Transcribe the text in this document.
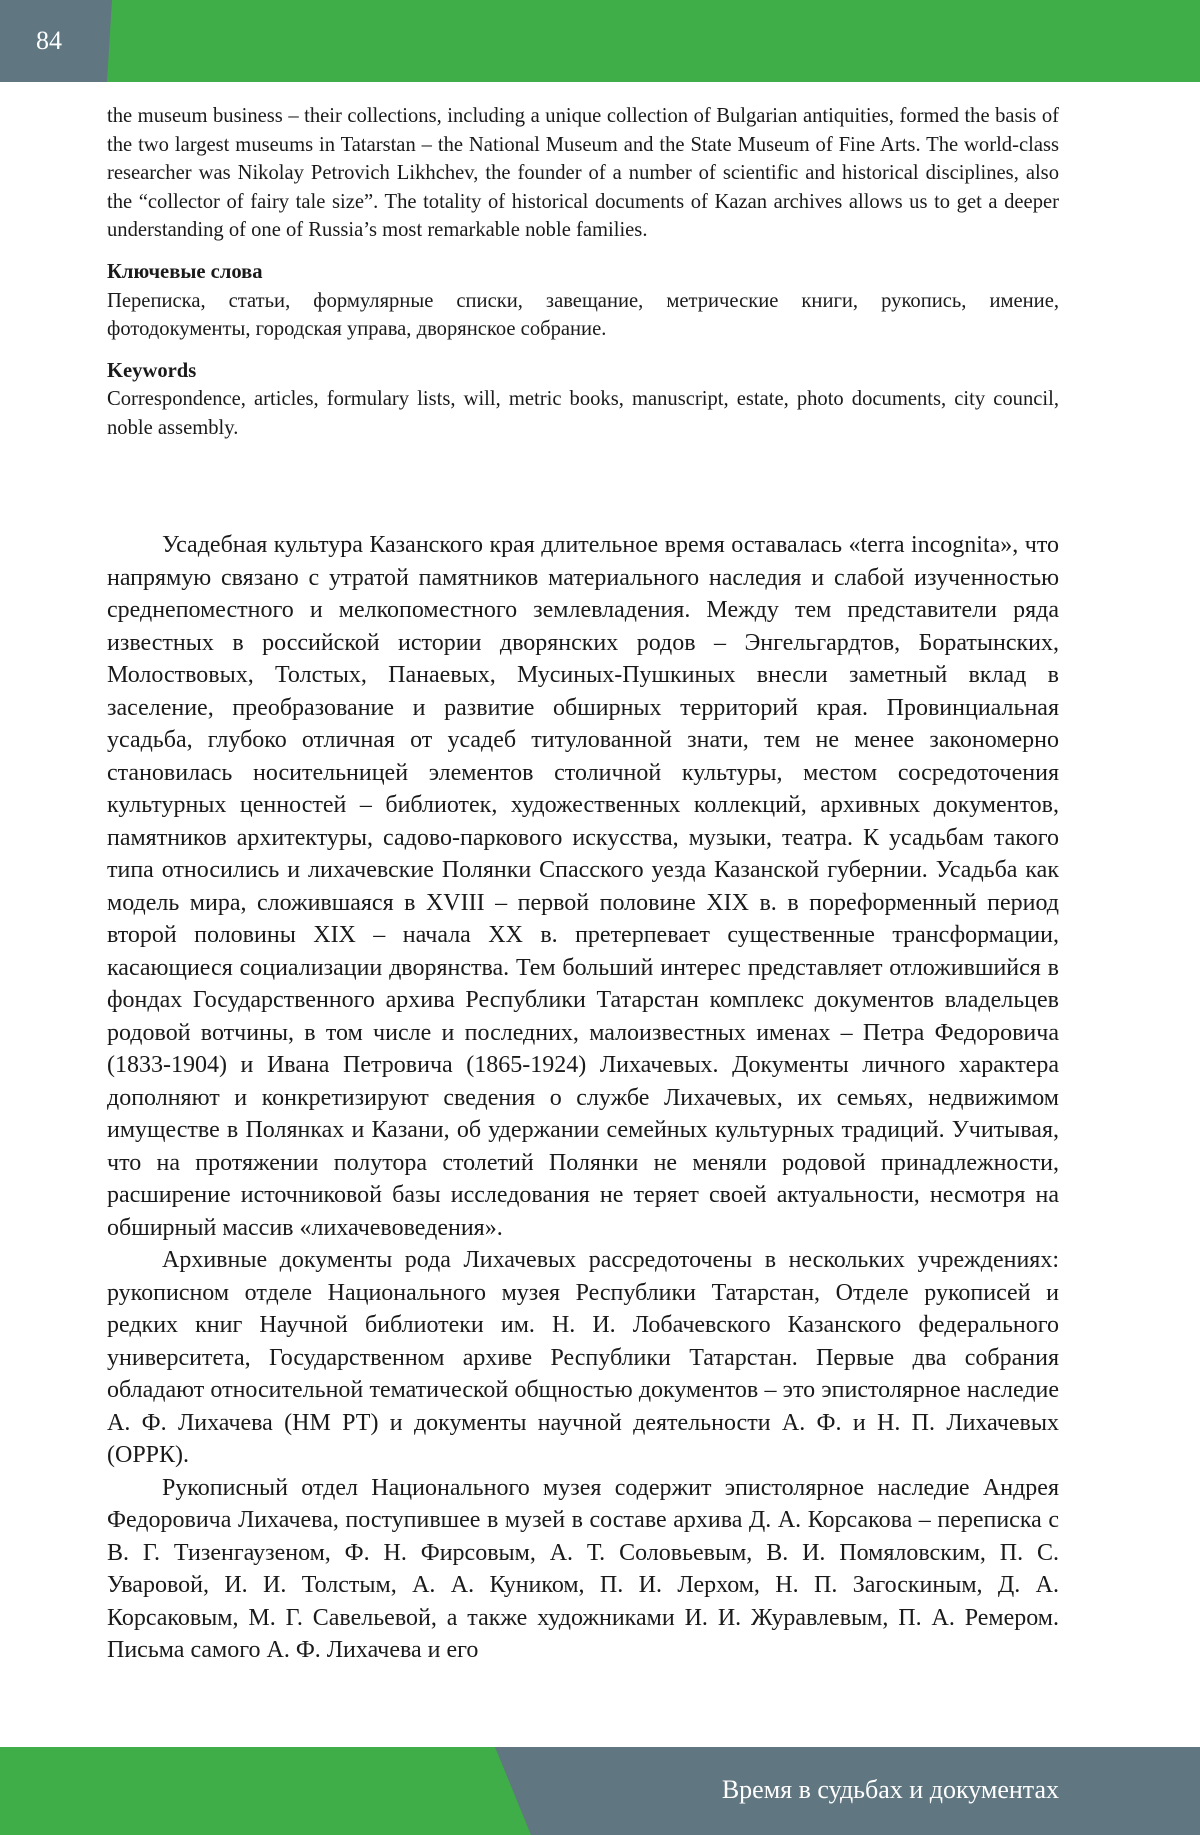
84

the museum business – their collections, including a unique collection of Bulgarian antiquities, formed the basis of the two largest museums in Tatarstan – the National Museum and the State Museum of Fine Arts. The world-class researcher was Nikolay Petrovich Likhchev, the founder of a number of scientific and historical disciplines, also the “collector of fairy tale size”. The totality of historical documents of Kazan archives allows us to get a deeper understanding of one of Russia’s most remarkable noble families.

Ключевые слова

Переписка, статьи, формулярные списки, завещание, метрические книги, рукопись, имение, фотодокументы, городская управа, дворянское собрание.

Keywords

Correspondence, articles, formulary lists, will, metric books, manuscript, estate, photo documents, city council, noble assembly.

Усадебная культура Казанского края длительное время оставалась «terra incognita», что напрямую связано с утратой памятников материального наследия и слабой изученностью среднепоместного и мелкопоместного землевладения. Между тем представители ряда известных в российской истории дворянских родов – Энгельгардтов, Боратынских, Молоствовых, Толстых, Панаевых, Мусиных-Пушкиных внесли заметный вклад в заселение, преобразование и развитие обширных территорий края. Провинциальная усадьба, глубоко отличная от усадеб титулованной знати, тем не менее закономерно становилась носительницей элементов столичной культуры, местом сосредоточения культурных ценностей – библиотек, художественных коллекций, архивных документов, памятников архитектуры, садово-паркового искусства, музыки, театра. К усадьбам такого типа относились и лихачевские Полянки Спасского уезда Казанской губернии. Усадьба как модель мира, сложившаяся в XVIII – первой половине XIX в. в пореформенный период второй половины XIX – начала XX в. претерпевает существенные трансформации, касающиеся социализации дворянства. Тем больший интерес представляет отложившийся в фондах Государственного архива Республики Татарстан комплекс документов владельцев родовой вотчины, в том числе и последних, малоизвестных именах – Петра Федоровича (1833-1904) и Ивана Петровича (1865-1924) Лихачевых. Документы личного характера дополняют и конкретизируют сведения о службе Лихачевых, их семьях, недвижимом имуществе в Полянках и Казани, об удержании семейных культурных традиций. Учитывая, что на протяжении полутора столетий Полянки не меняли родовой принадлежности, расширение источниковой базы исследования не теряет своей актуальности, несмотря на обширный массив «лихачевоведения».

Архивные документы рода Лихачевых рассредоточены в нескольких учреждениях: рукописном отделе Национального музея Республики Татарстан, Отделе рукописей и редких книг Научной библиотеки им. Н. И. Лобачевского Казанского федерального университета, Государственном архиве Республики Татарстан. Первые два собрания обладают относительной тематической общностью документов – это эпистолярное наследие А. Ф. Лихачева (НМ РТ) и документы научной деятельности А. Ф. и Н. П. Лихачевых (ОРРК).

Рукописный отдел Национального музея содержит эпистолярное наследие Андрея Федоровича Лихачева, поступившее в музей в составе архива Д. А. Корсакова – переписка с В. Г. Тизенгаузеном, Ф. Н. Фирсовым, А. Т. Соловьевым, В. И. Помяловским, П. С. Уваровой, И. И. Толстым, А. А. Куником, П. И. Лерхом, Н. П. Загоскиным, Д. А. Корсаковым, М. Г. Савельевой, а также художниками И. И. Журавлевым, П. А. Ремером. Письма самого А. Ф. Лихачева и его

Время в судьбах и документах
